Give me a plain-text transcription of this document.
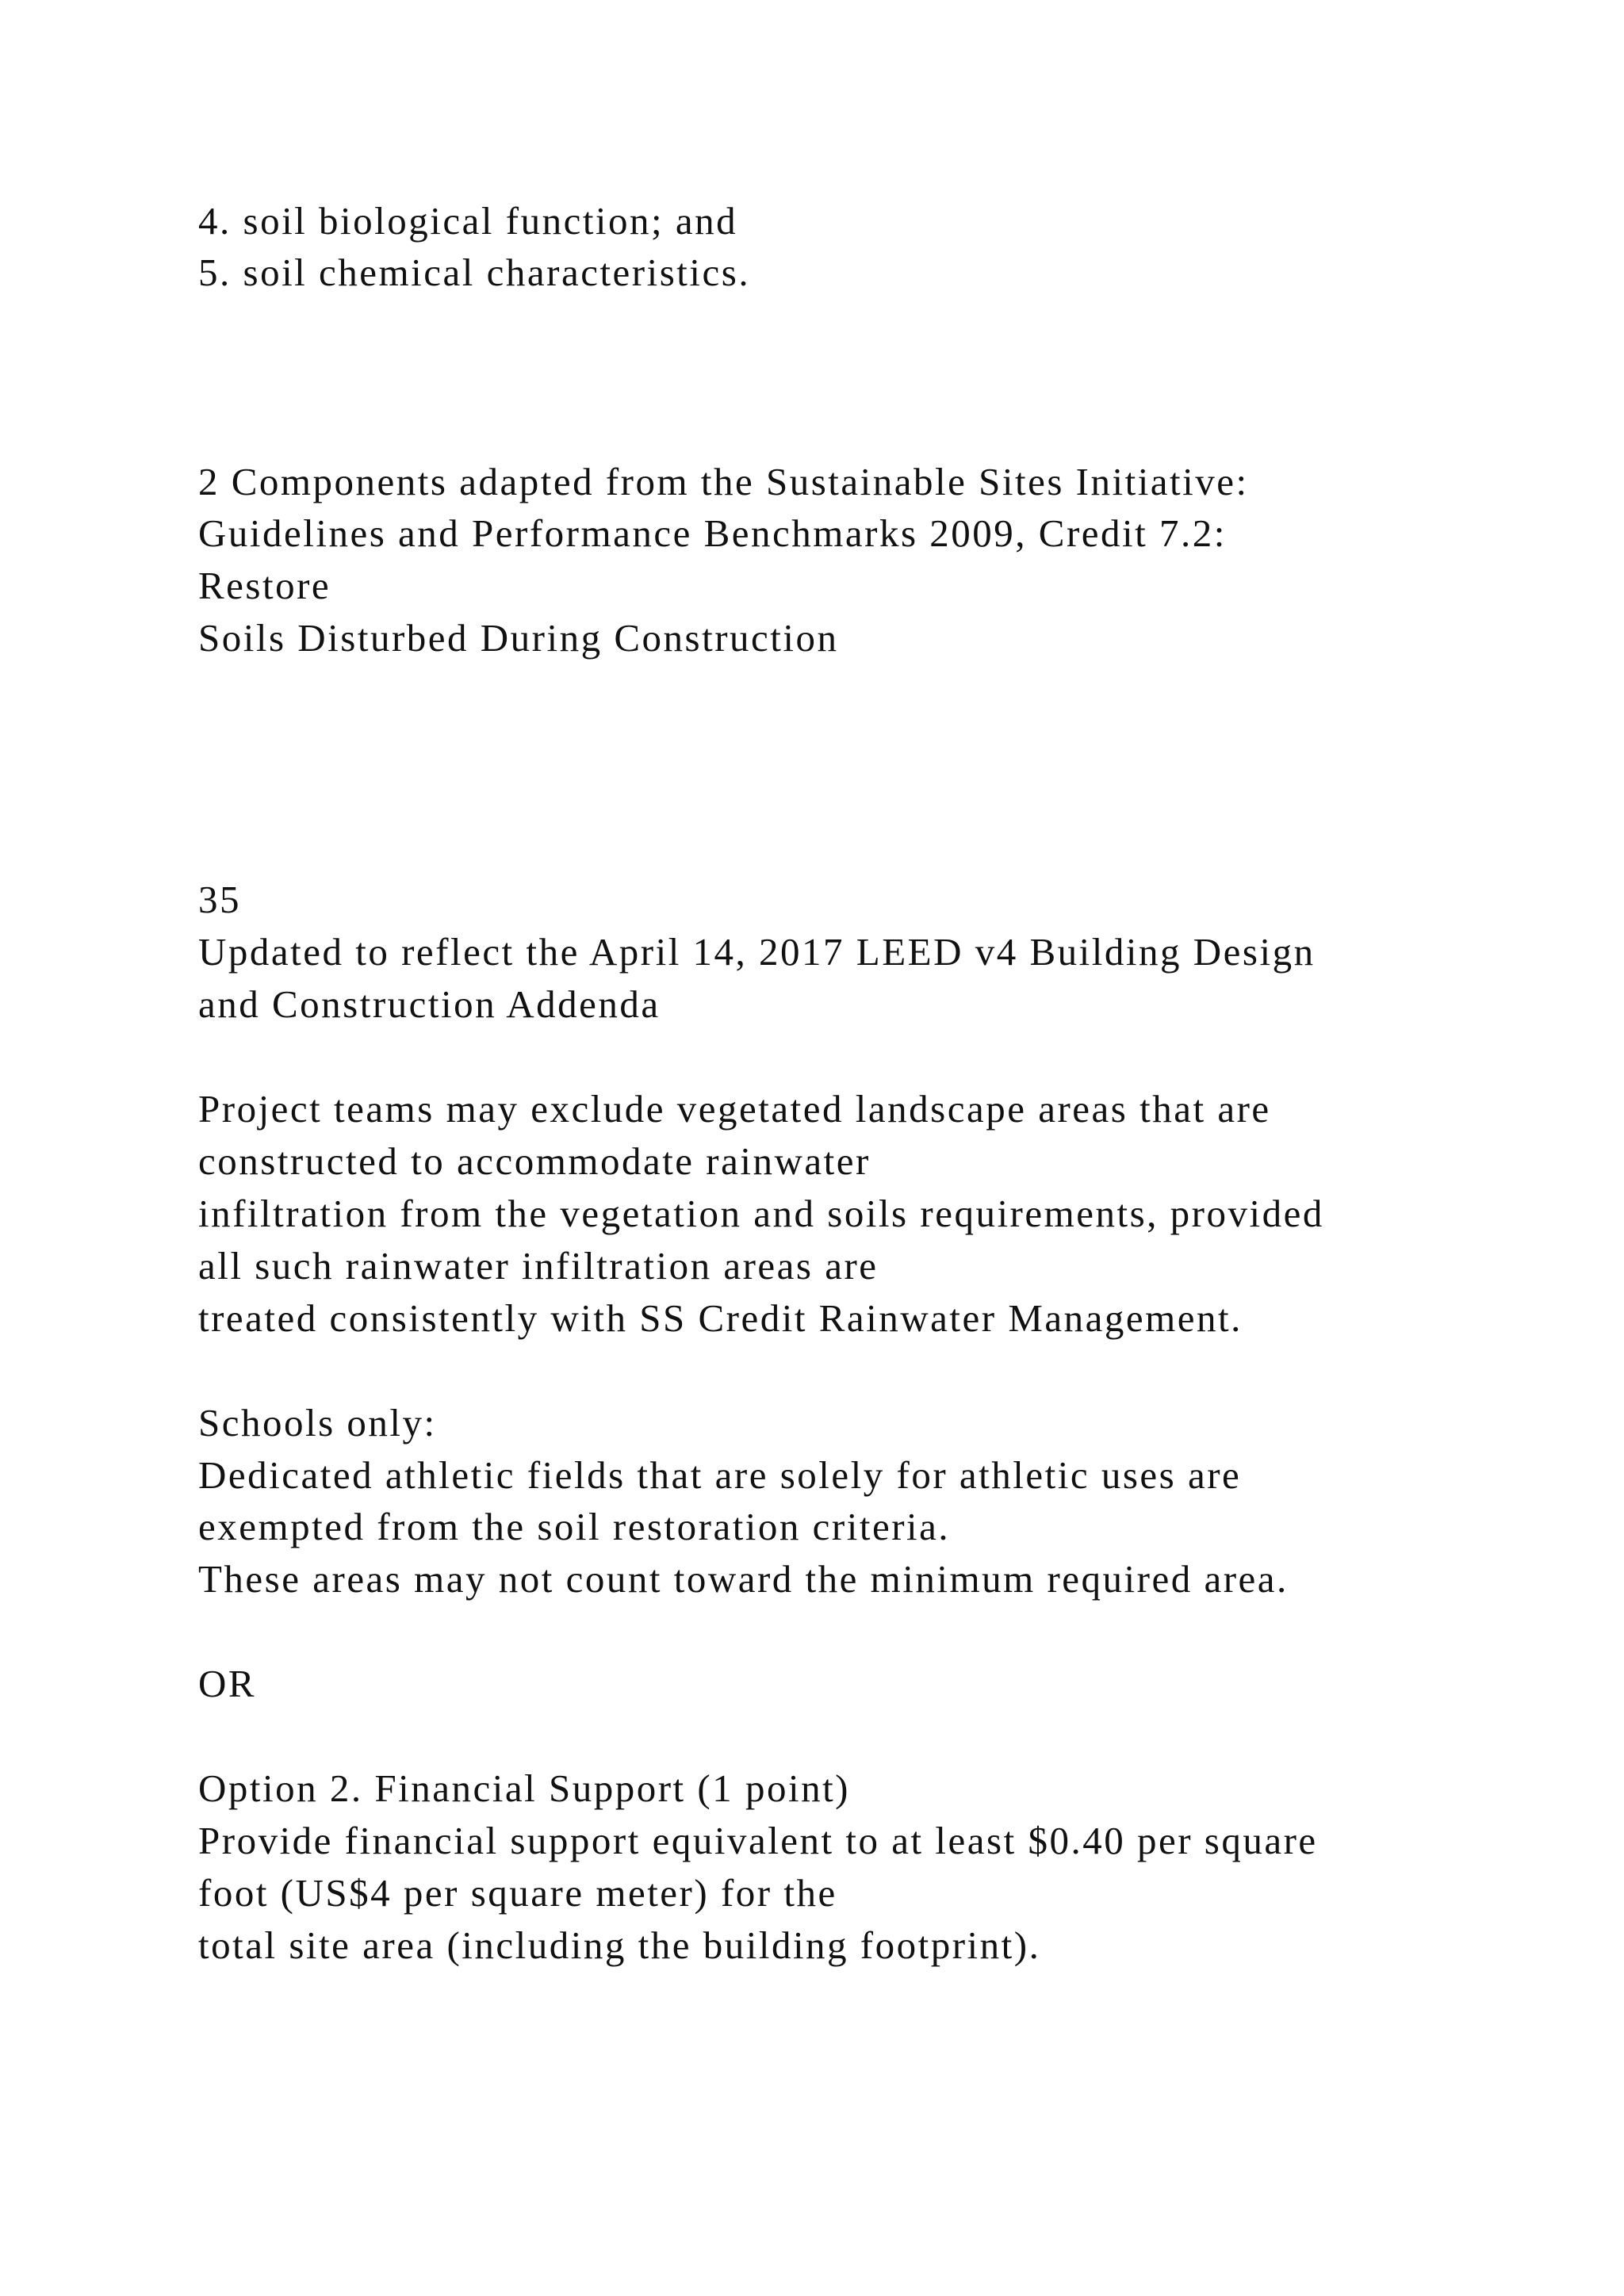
4. soil biological function; and
5. soil chemical characteristics.
2 Components adapted from the Sustainable Sites Initiative:
Guidelines and Performance Benchmarks 2009, Credit 7.2:
Restore
Soils Disturbed During Construction
35
Updated to reflect the April 14, 2017 LEED v4 Building Design
and Construction Addenda
Project teams may exclude vegetated landscape areas that are
constructed to accommodate rainwater
infiltration from the vegetation and soils requirements, provided
all such rainwater infiltration areas are
treated consistently with SS Credit Rainwater Management.
Schools only:
Dedicated athletic fields that are solely for athletic uses are
exempted from the soil restoration criteria.
These areas may not count toward the minimum required area.
OR
Option 2. Financial Support (1 point)
Provide financial support equivalent to at least $0.40 per square
foot (US$4 per square meter) for the
total site area (including the building footprint).
